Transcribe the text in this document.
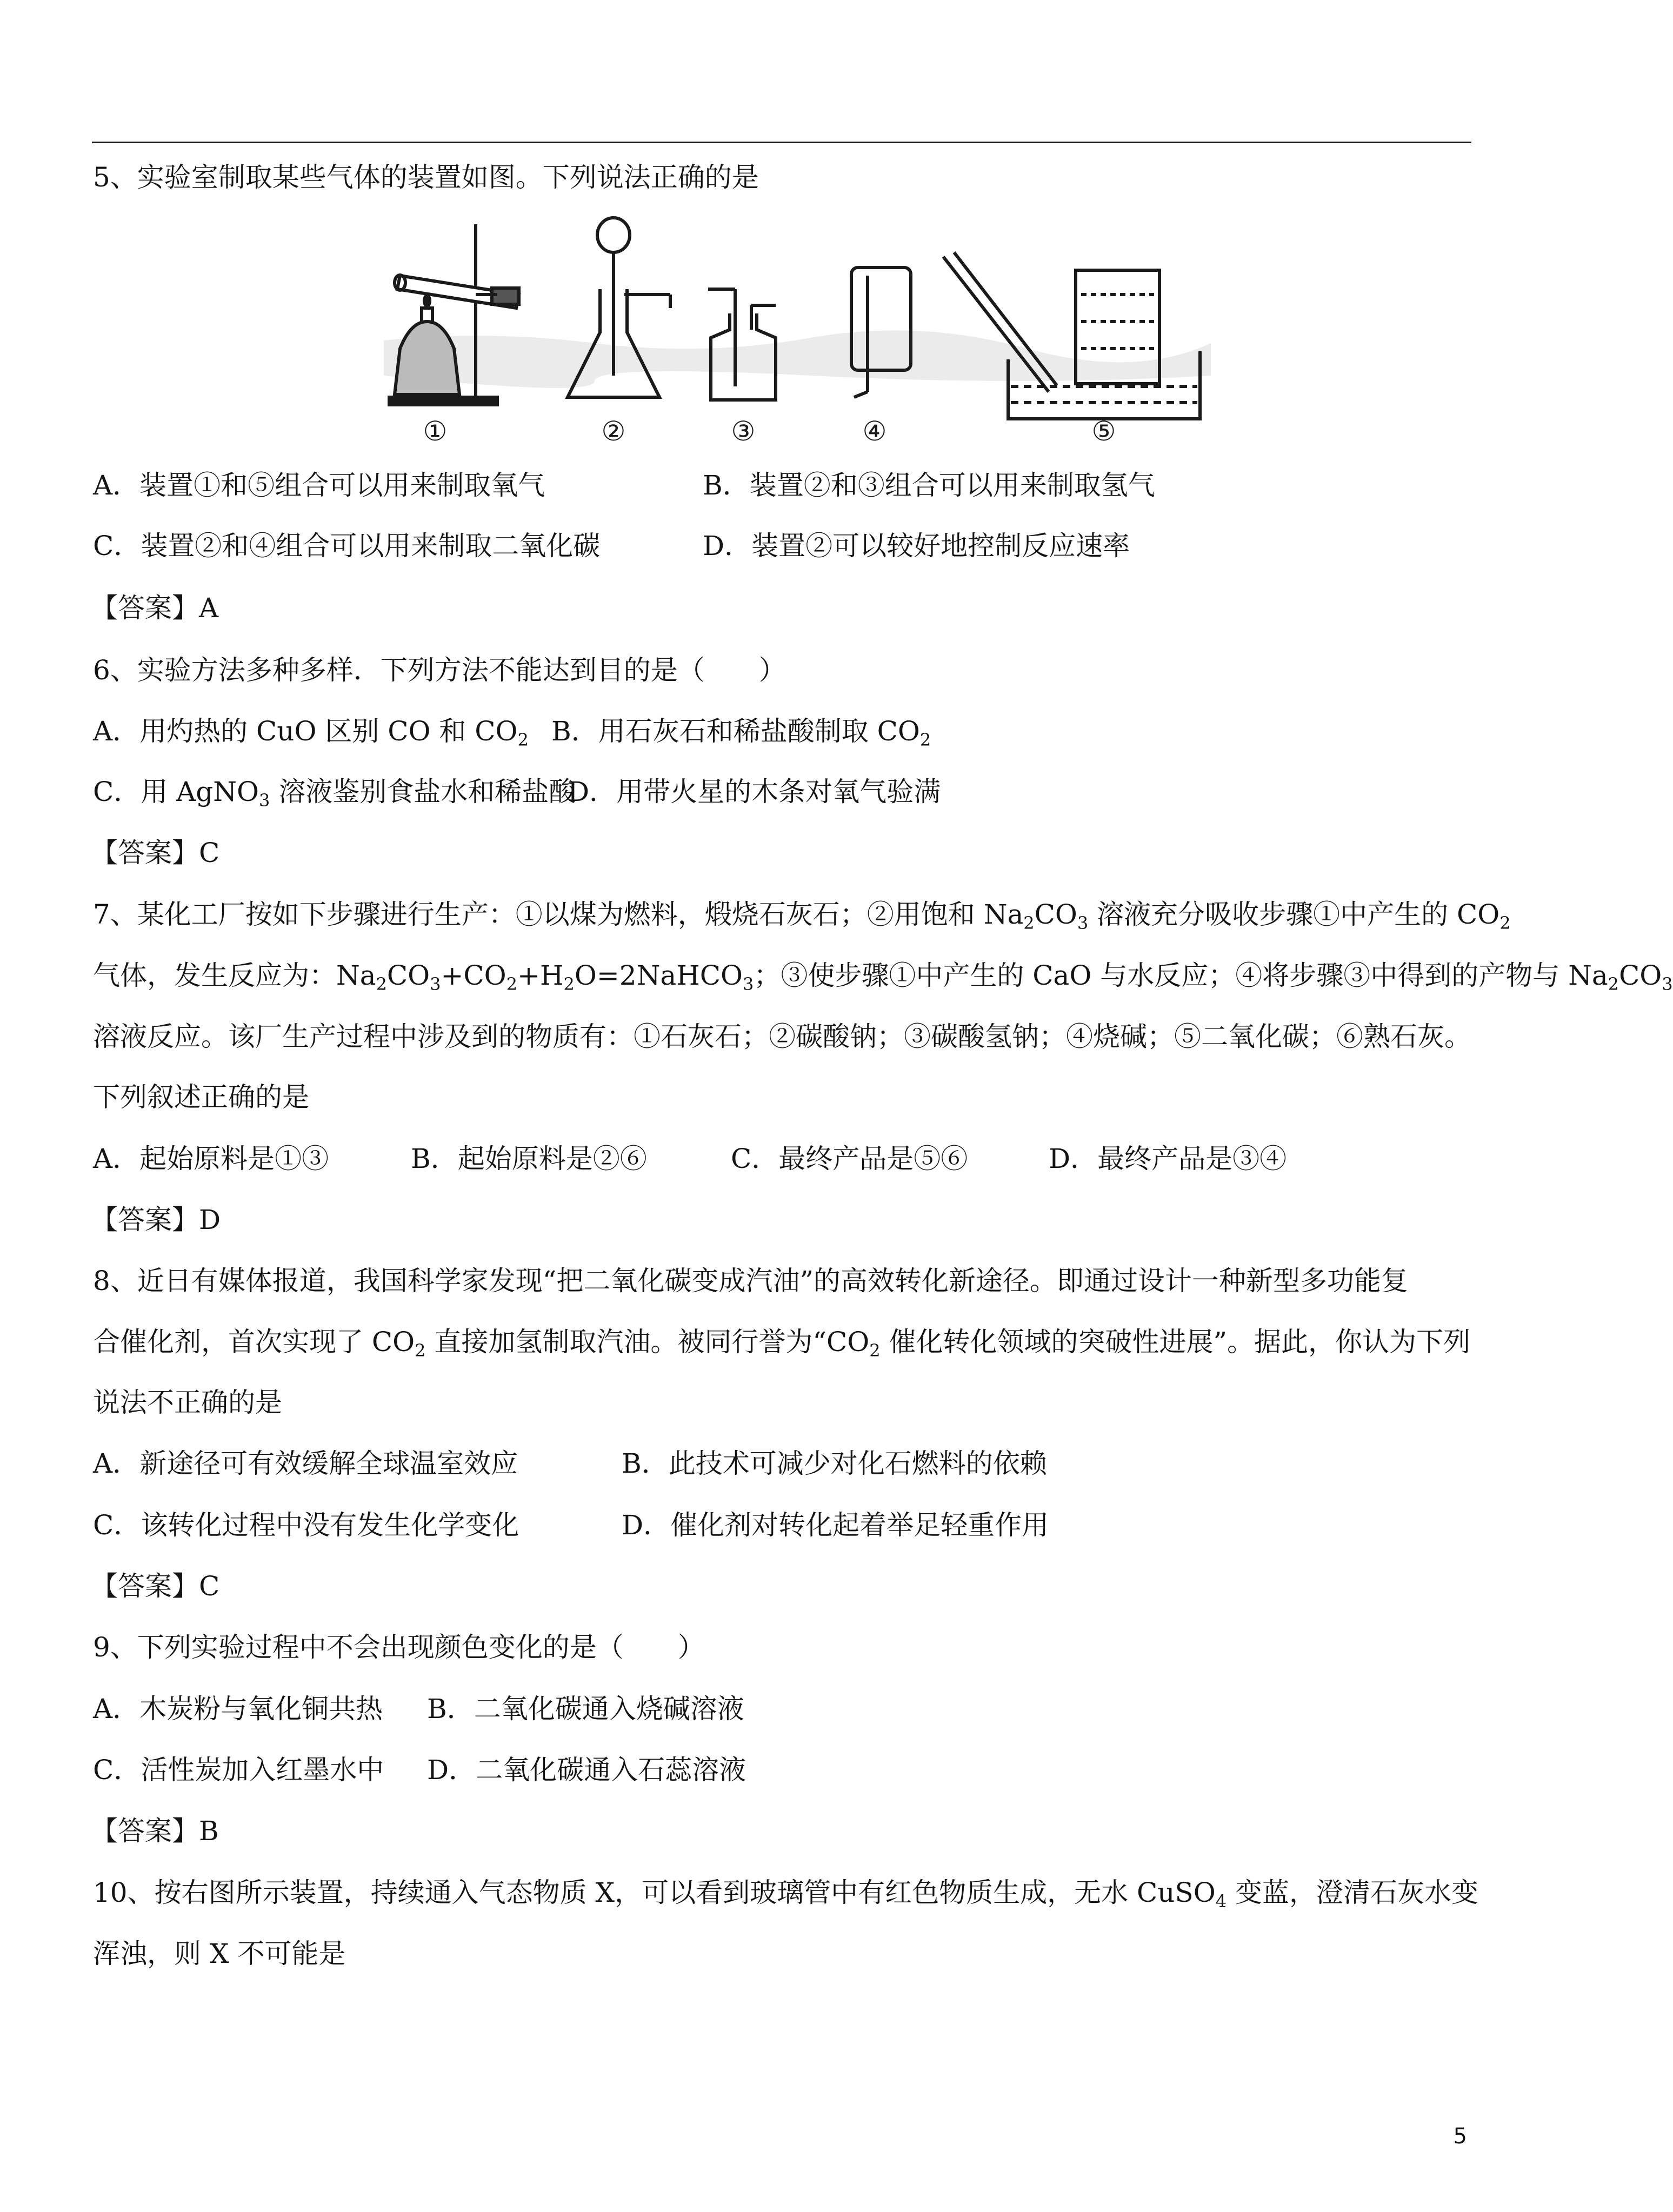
5、实验室制取某些气体的装置如图。下列说法正确的是
①	②	③	④	⑤
A．装置①和⑤组合可以用来制取氧气	B．装置②和③组合可以用来制取氢气
C．装置②和④组合可以用来制取二氧化碳	D．装置②可以较好地控制反应速率
【答案】A
6、实验方法多种多样．下列方法不能达到目的是（　　）
A．用灼热的 CuO 区别 CO 和 $CO_2$ B．用石灰石和稀盐酸制取 $CO_2$
C．用 AgNO$_3$ 溶液鉴别食盐水和稀盐酸
D．用带火星的木条对氧气验满
【答案】C
7、某化工厂按如下步骤进行生产：①以煤为燃料，煅烧石灰石；②用饱和 $Na_2CO_3$ 溶液充分吸收步骤①中产生的 $CO_2$
气体，发生反应为：$Na_2CO_3+CO_2+H_2O=2NaHCO_3$；③使步骤①中产生的 CaO 与水反应；④将步骤③中得到的产物与 $Na_2CO_3$
溶液反应。该厂生产过程中涉及到的物质有：①石灰石；②碳酸钠；③碳酸氢钠；④烧碱；⑤二氧化碳；⑥熟石灰。
下列叙述正确的是
A．起始原料是①③	B．起始原料是②⑥	C．最终产品是⑤⑥	D．最终产品是③④
【答案】D
8、近日有媒体报道，我国科学家发现“把二氧化碳变成汽油”的高效转化新途径。即通过设计一种新型多功能复
合催化剂，首次实现了 $CO_2$ 直接加氢制取汽油。被同行誉为“$CO_2$ 催化转化领域的突破性进展”。据此，你认为下列
说法不正确的是
A．新途径可有效缓解全球温室效应	B．此技术可减少对化石燃料的依赖
C．该转化过程中没有发生化学变化	D．催化剂对转化起着举足轻重作用
【答案】C
9、下列实验过程中不会出现颜色变化的是（　　）
A．木炭粉与氧化铜共热 B．二氧化碳通入烧碱溶液
C．活性炭加入红墨水中 D．二氧化碳通入石蕊溶液
【答案】B
10、按右图所示装置，持续通入气态物质 X，可以看到玻璃管中有红色物质生成，无水 CuSO$_4$ 变蓝，澄清石灰水变
浑浊，则 X 不可能是
5
